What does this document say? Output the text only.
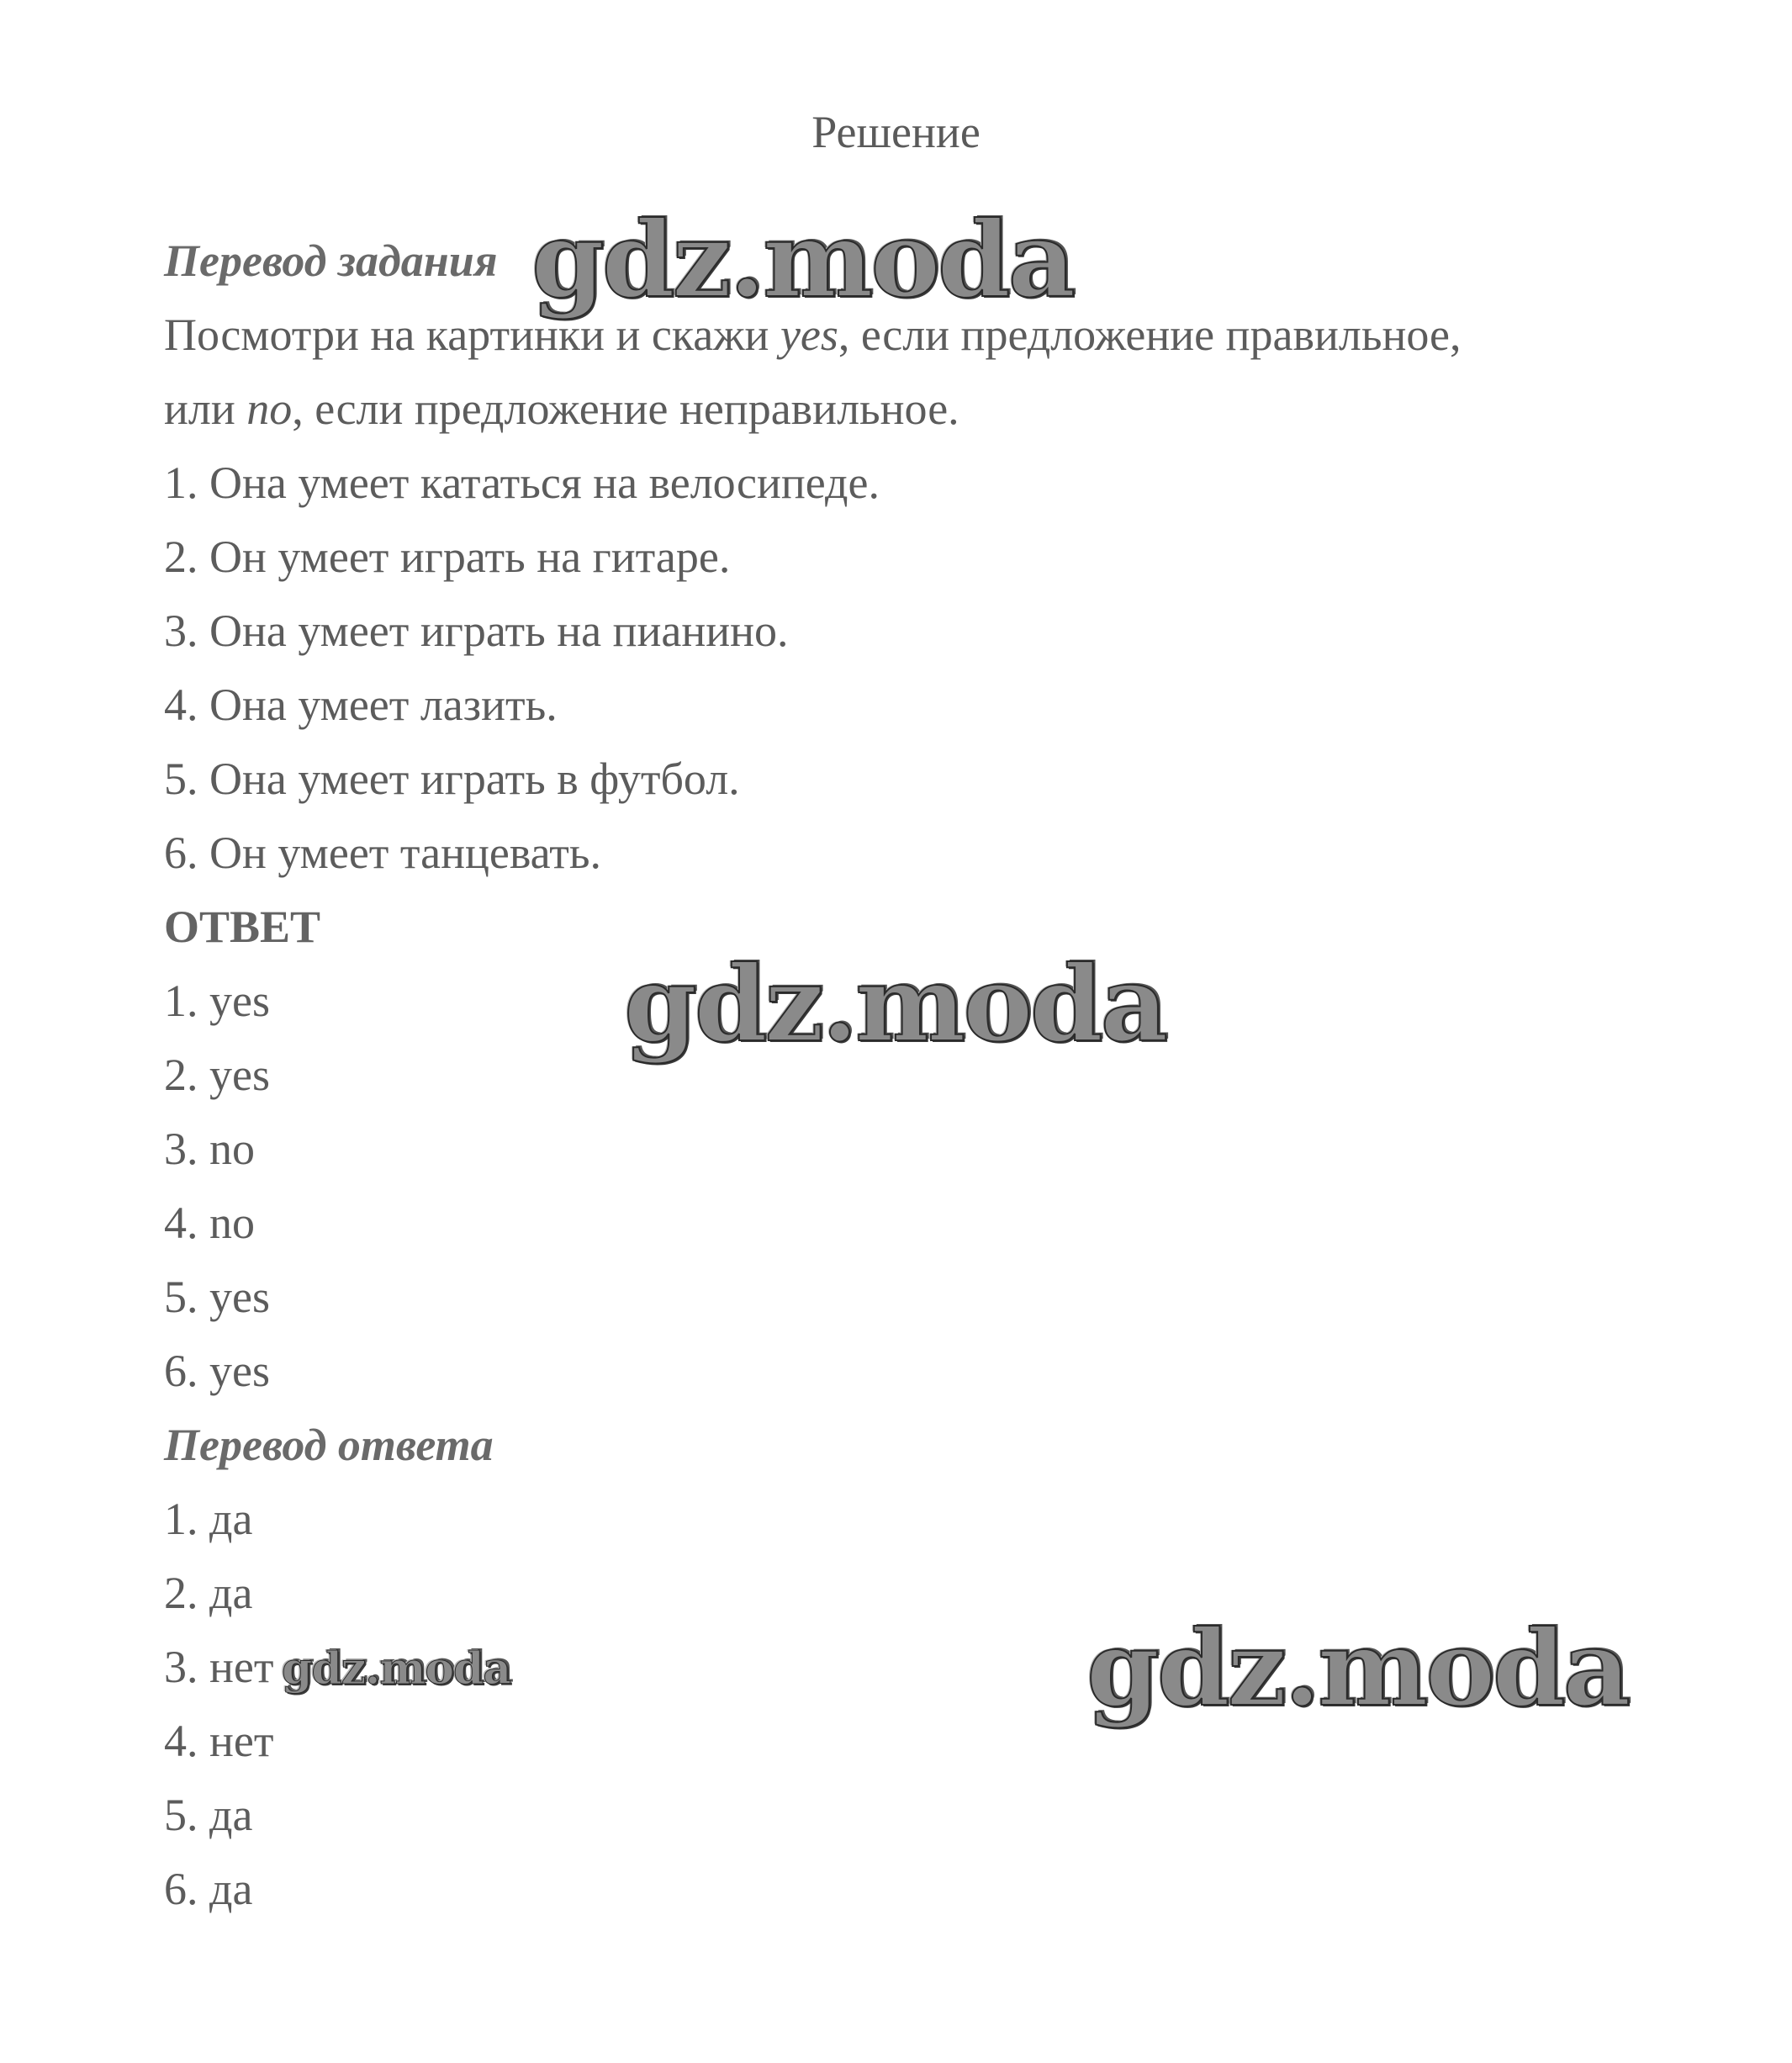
Решение
Перевод задания
Посмотри на картинки и скажи yes, если предложение правильное,
или no, если предложение неправильное.
1. Она умеет кататься на велосипеде.
2. Он умеет играть на гитаре.
3. Она умеет играть на пианино.
4. Она умеет лазить.
5. Она умеет играть в футбол.
6. Он умеет танцевать.
ОТВЕТ
1. yes
2. yes
3. no
4. no
5. yes
6. yes
Перевод ответа
1. да
2. да
3. нет
4. нет
5. да
6. да
gdz.moda
gdz.moda
gdz.moda	gdz.moda
